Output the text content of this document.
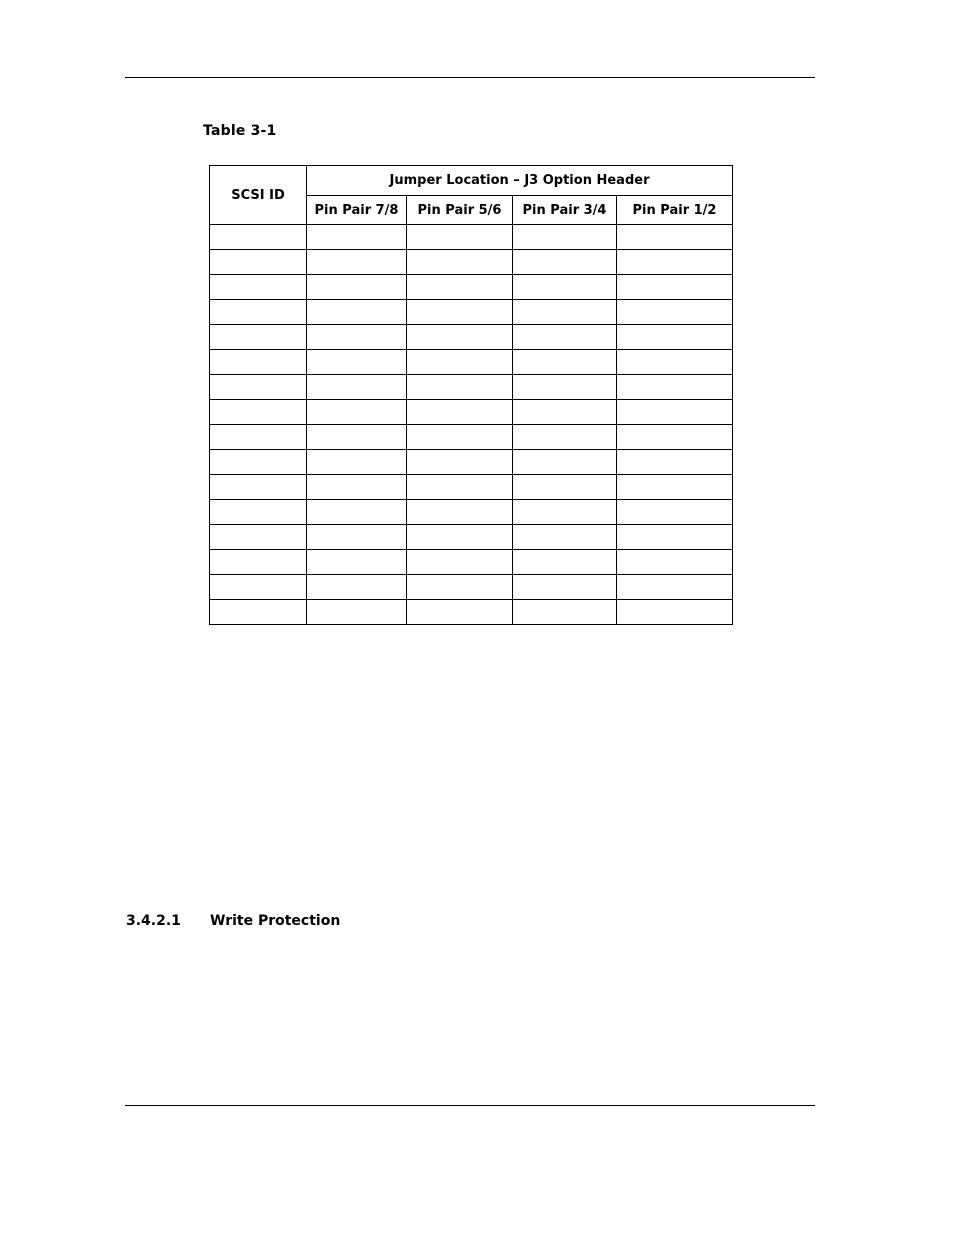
Table 3-1
SCSI ID	Jumper Location – J3 Option Header			
	Pin Pair 7/8	Pin Pair 5/6	Pin Pair 3/4	Pin Pair 1/2

3.4.2.1 Write Protection
